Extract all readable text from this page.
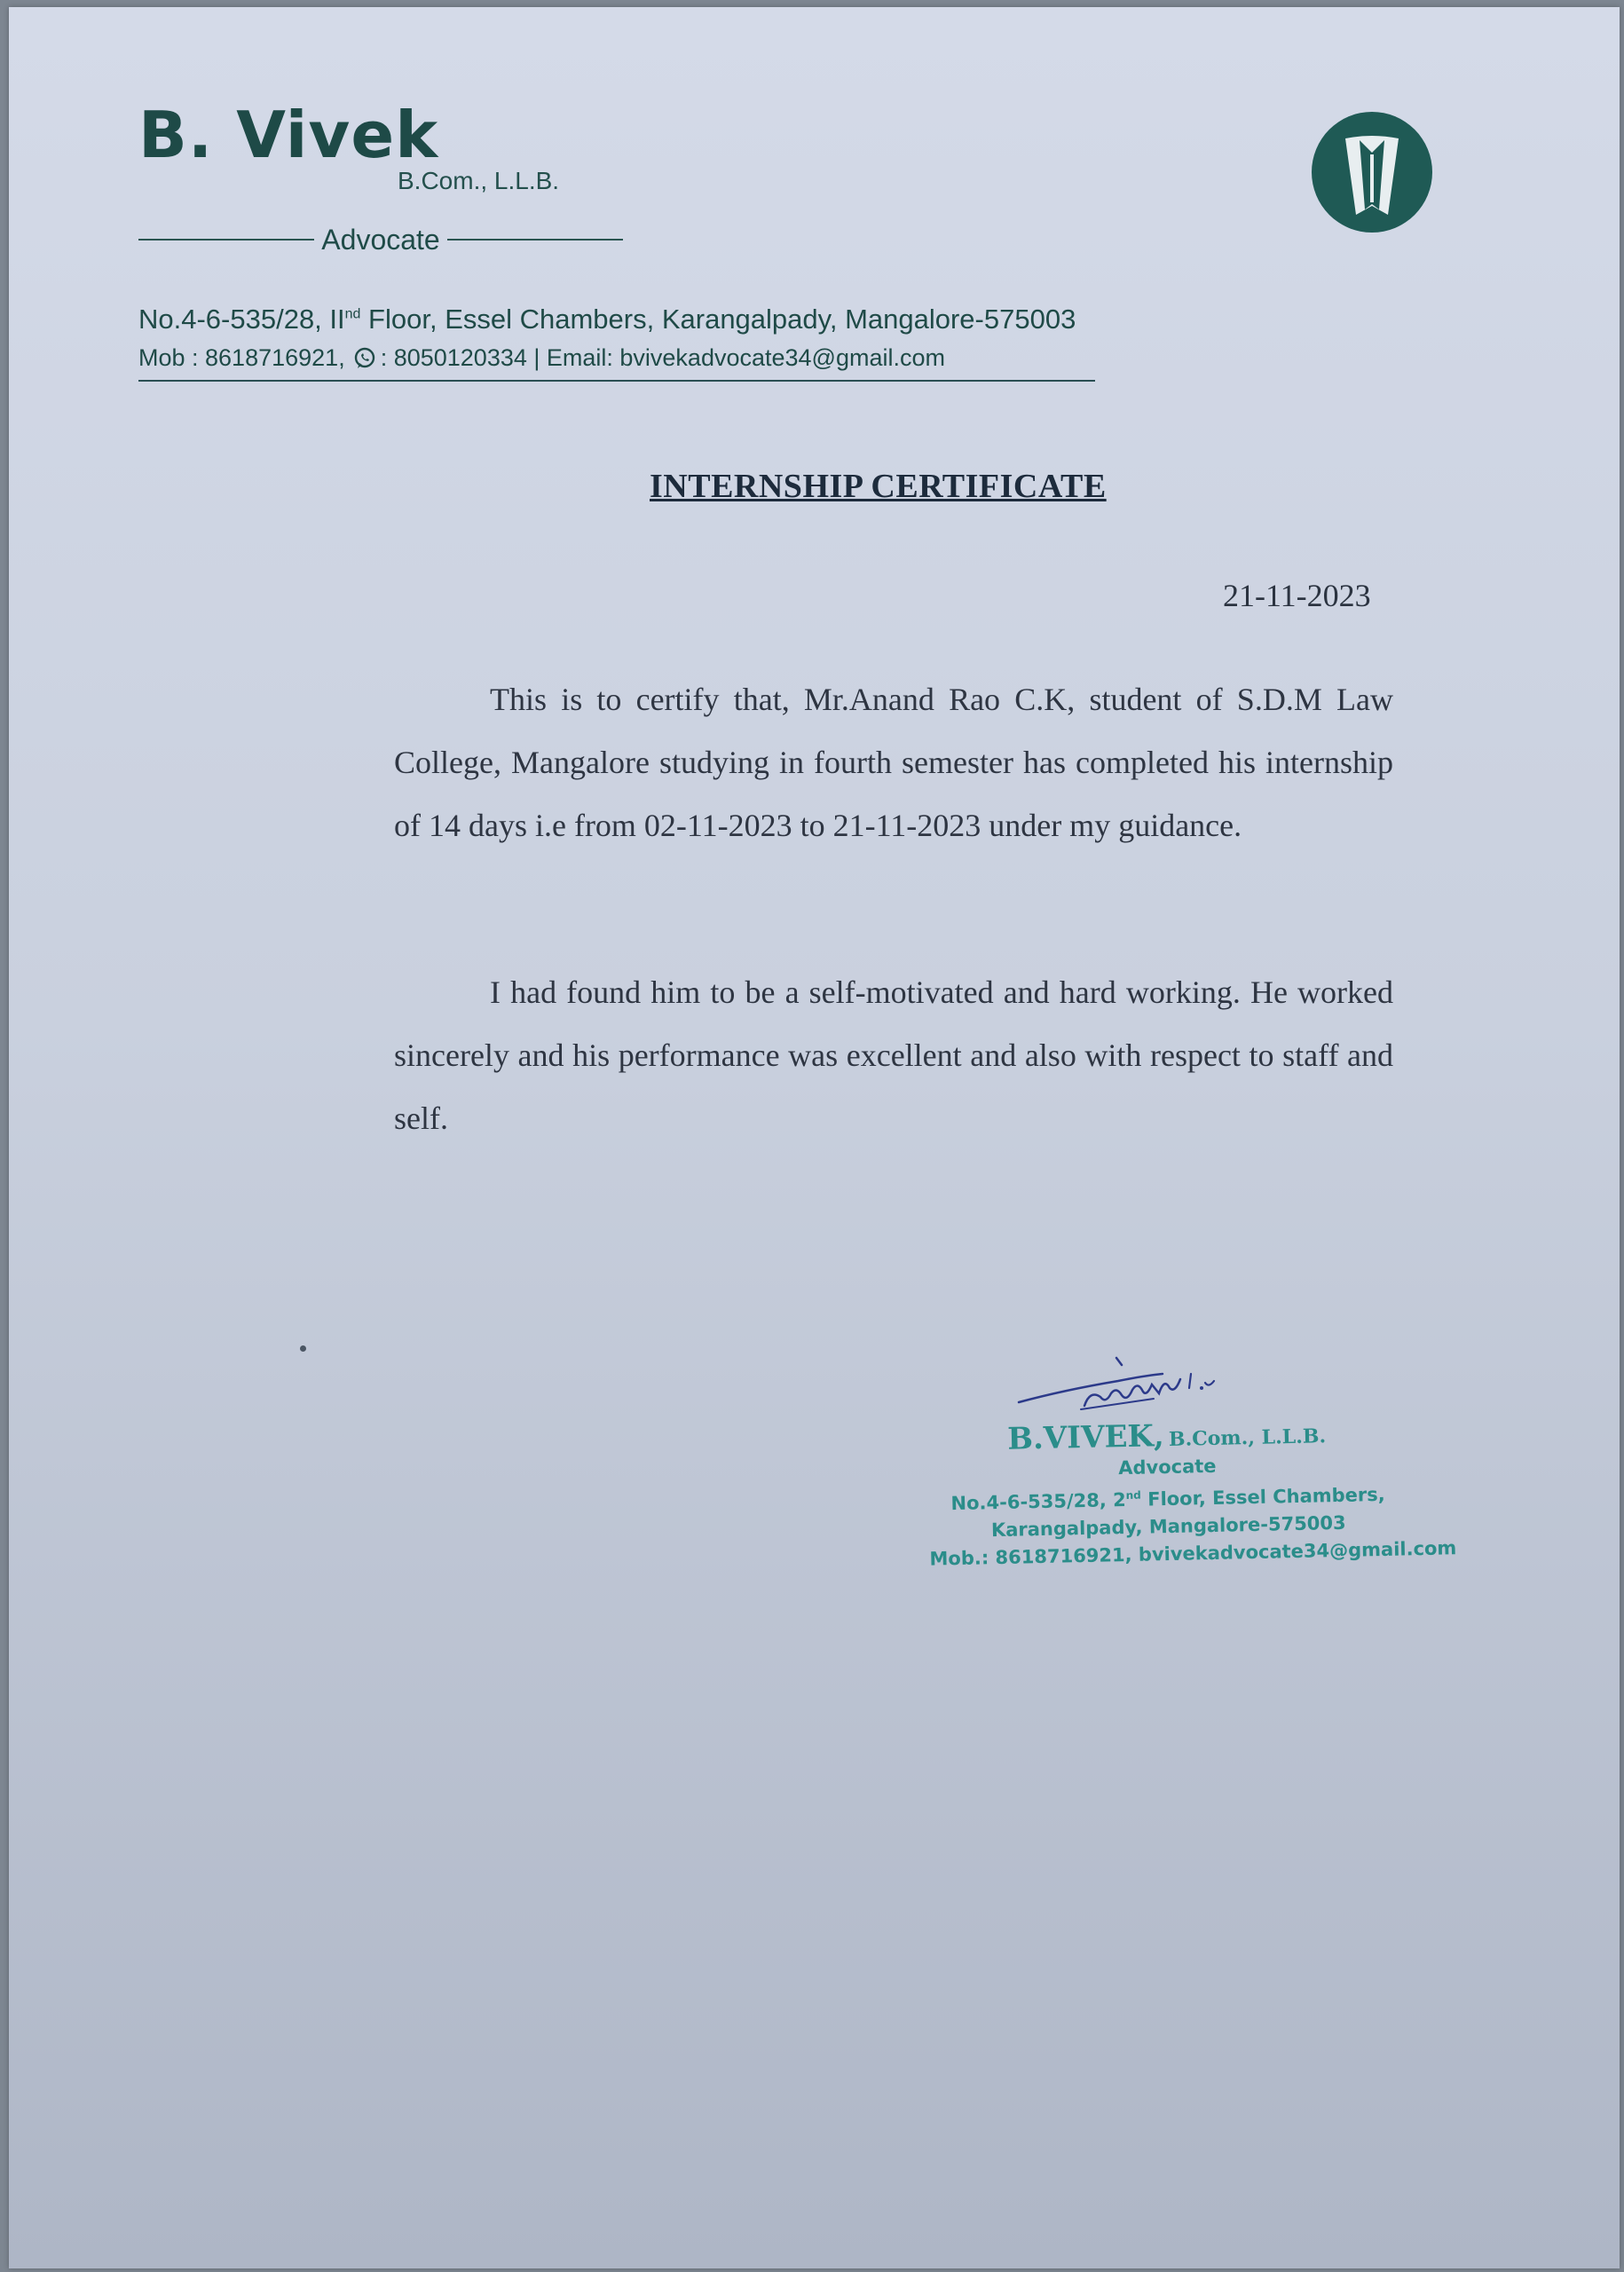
B. Vivek
B.Com., L.L.B.
Advocate
No.4-6-535/28, IInd Floor, Essel Chambers, Karangalpady, Mangalore-575003
Mob : 8618716921, : 8050120334 | Email: bvivekadvocate34@gmail.com
INTERNSHIP CERTIFICATE
21-11-2023

This is to certify that, Mr.Anand Rao C.K, student of S.D.M Law College, Mangalore studying in fourth semester has completed his internship of 14 days i.e from 02-11-2023 to 21-11-2023 under my guidance.

I had found him to be a self-motivated and hard working. He worked sincerely and his performance was excellent and also with respect to staff and self.

B.VIVEK, B.Com., L.L.B.
Advocate
No.4-6-535/28, 2nd Floor, Essel Chambers,
Karangalpady, Mangalore-575003
Mob.: 8618716921, bvivekadvocate34@gmail.com
